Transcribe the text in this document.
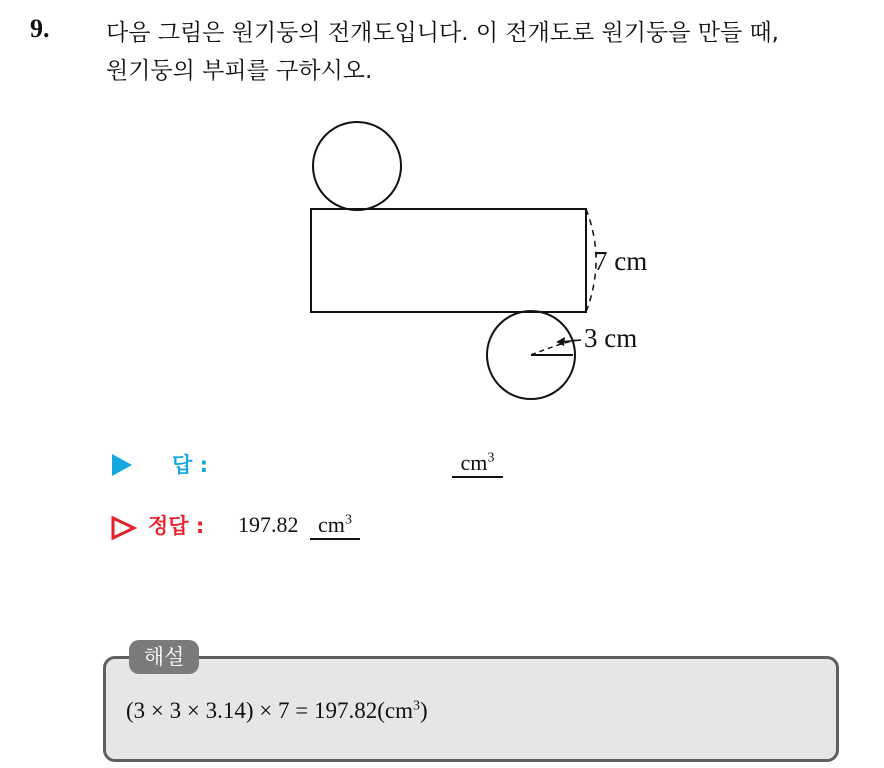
9. 다음 그림은 원기둥의 전개도입니다. 이 전개도로 원기둥을 만들 때,
원기둥의 부피를 구하시오.
7 cm
3 cm
답 :	$cm^3$
정답 : 197.82 $cm^3$
해설
$(3 \times 3 \times 3.14) \times 7 = 197.82(cm^3)$
